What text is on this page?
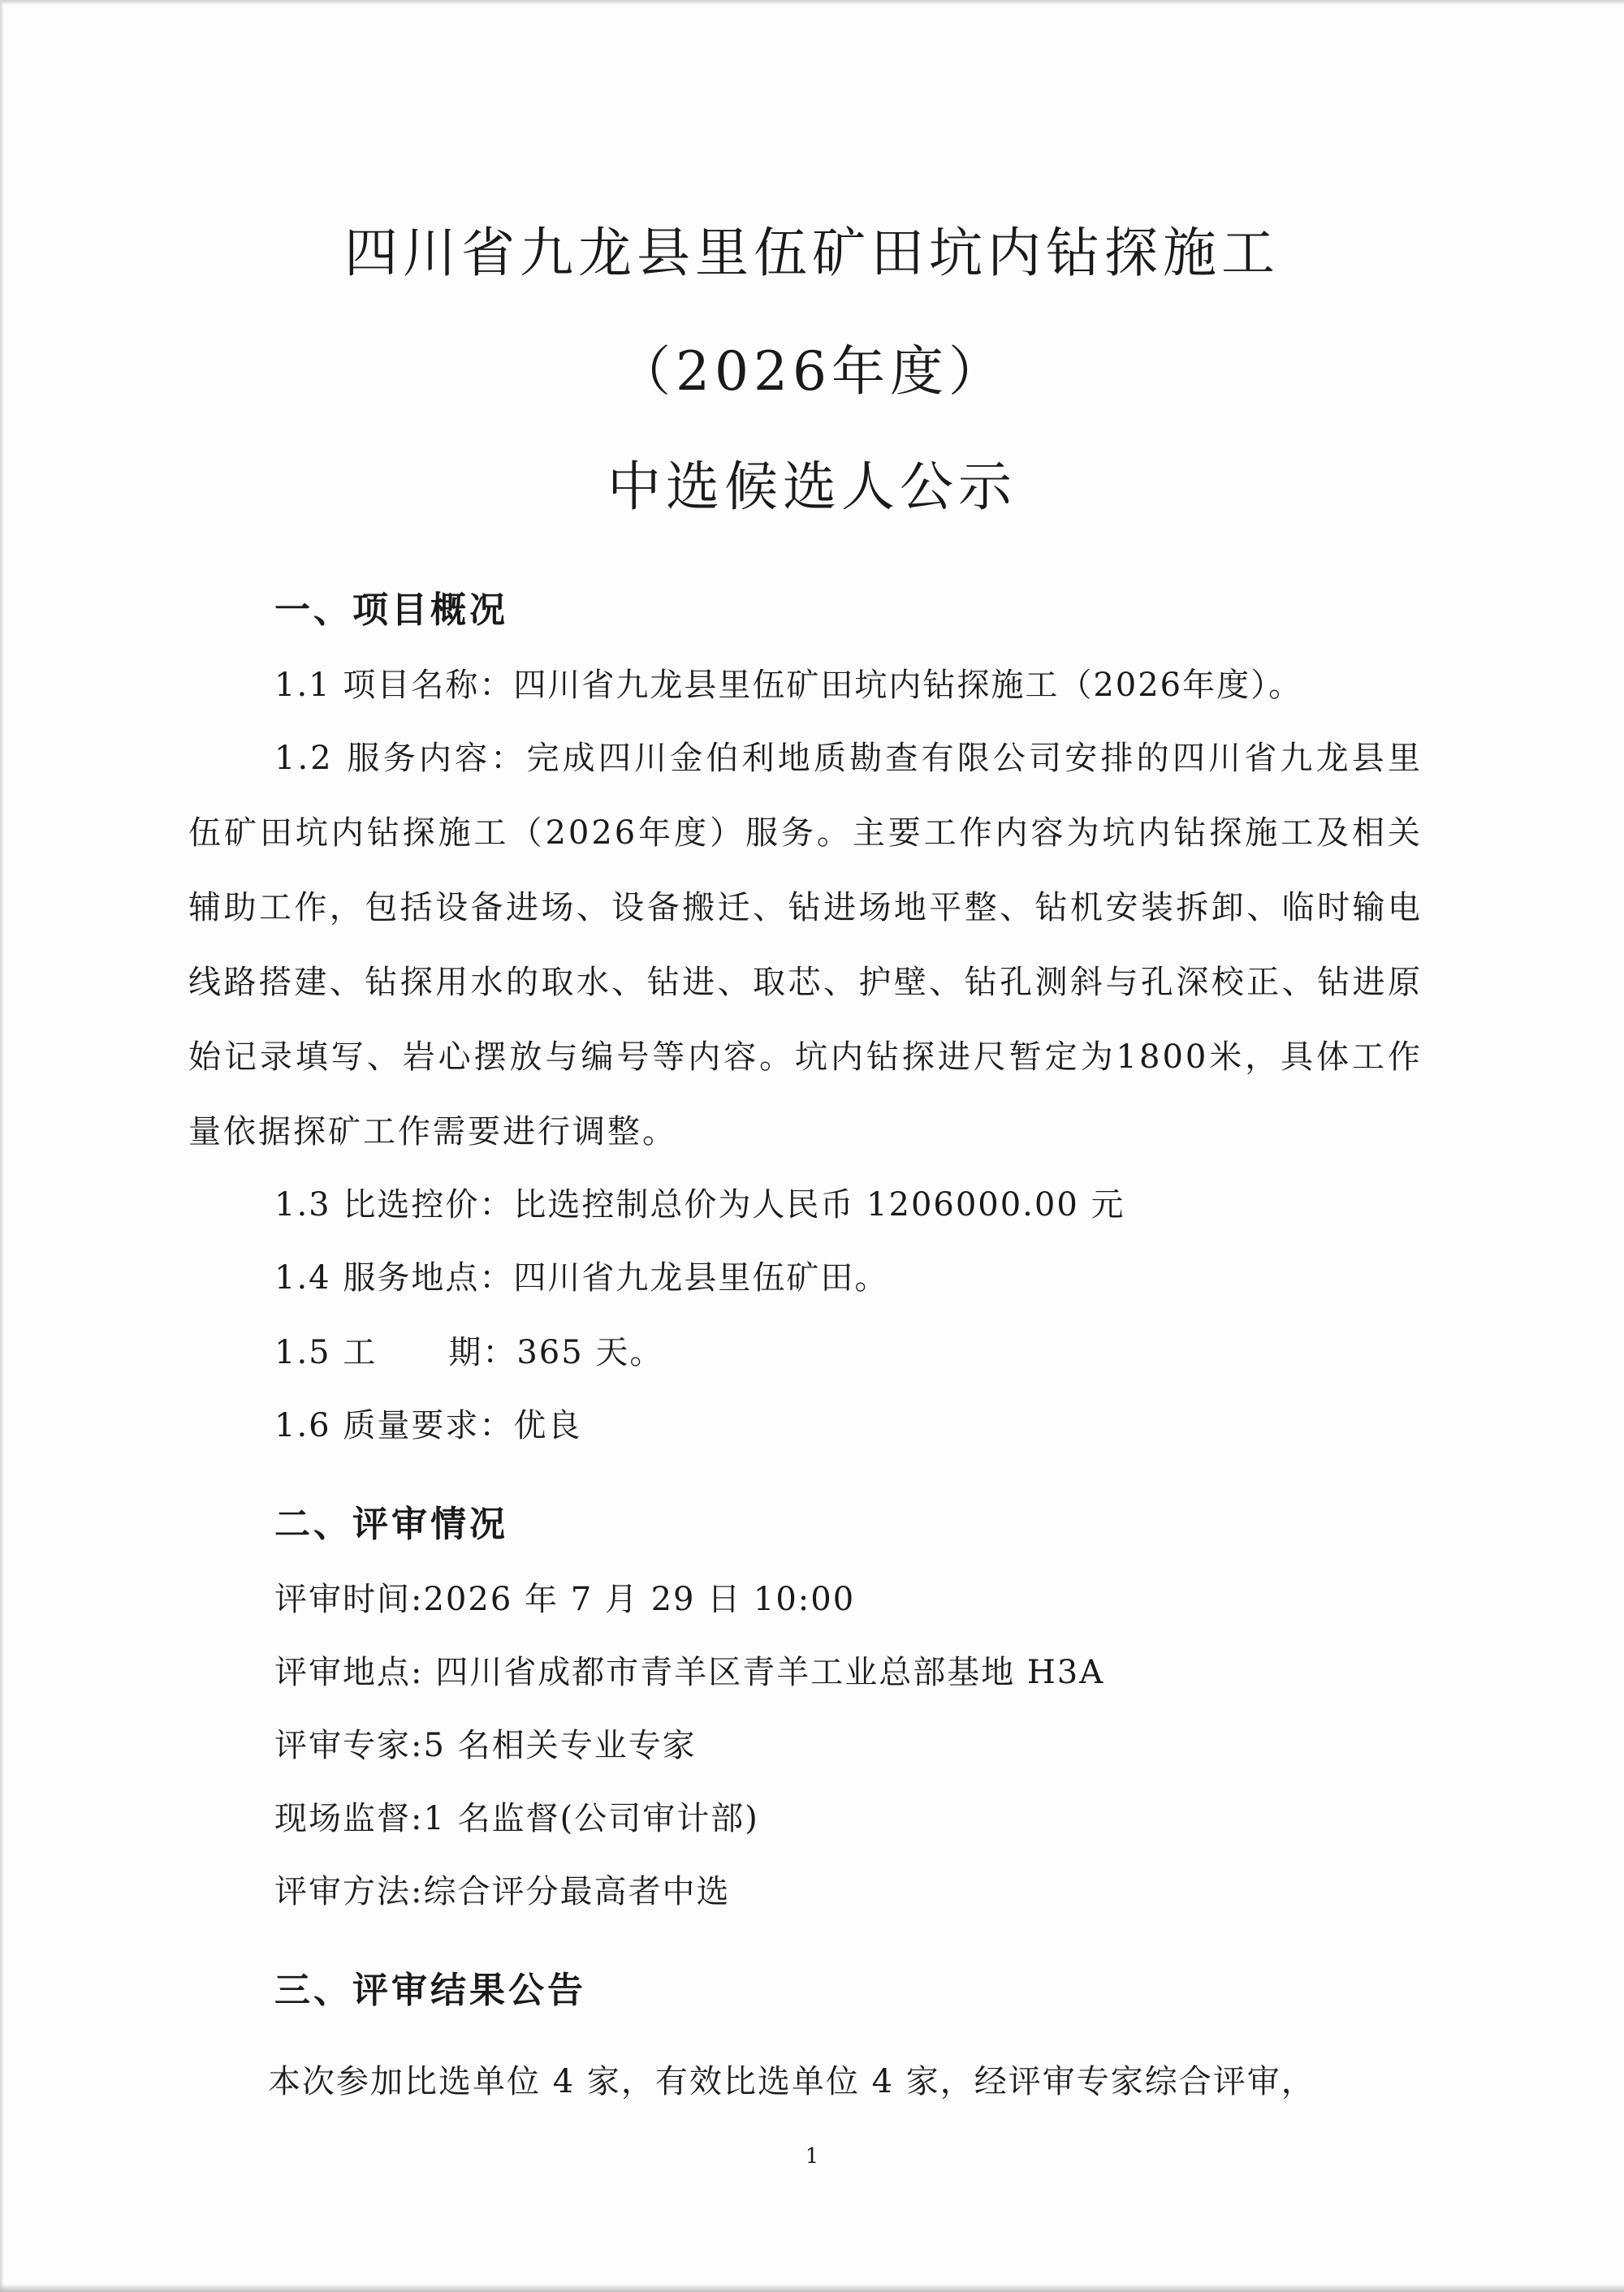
四川省九龙县里伍矿田坑内钻探施工
（2026年度）
中选候选人公示
一、项目概况
1.1 项目名称：四川省九龙县里伍矿田坑内钻探施工（2026年度）。
1.2 服务内容：完成四川金伯利地质勘查有限公司安排的四川省九龙县里伍矿田坑内钻探施工（2026年度）服务。主要工作内容为坑内钻探施工及相关辅助工作，包括设备进场、设备搬迁、钻进场地平整、钻机安装拆卸、临时输电线路搭建、钻探用水的取水、钻进、取芯、护壁、钻孔测斜与孔深校正、钻进原始记录填写、岩心摆放与编号等内容。坑内钻探进尺暂定为1800米，具体工作量依据探矿工作需要进行调整。
1.3 比选控价：比选控制总价为人民币 1206000.00 元
1.4 服务地点：四川省九龙县里伍矿田。
1.5 工 期：365 天。
1.6 质量要求：优良
二、评审情况
评审时间:2026 年 7 月 29 日 10:00
评审地点: 四川省成都市青羊区青羊工业总部基地 H3A
评审专家:5 名相关专业专家
现场监督:1 名监督(公司审计部)
评审方法:综合评分最高者中选
三、评审结果公告
本次参加比选单位 4 家，有效比选单位 4 家，经评审专家综合评审，
1
